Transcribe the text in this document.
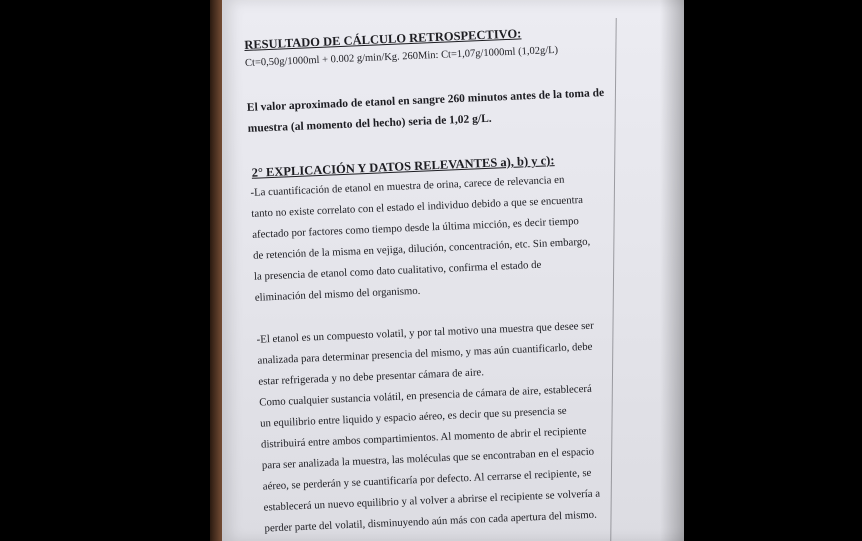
RESULTADO DE CÁLCULO RETROSPECTIVO:
Ct=0,50g/1000ml + 0.002 g/min/Kg. 260Min: Ct=1,07g/1000ml (1,02g/L)
El valor aproximado de etanol en sangre 260 minutos antes de la toma de
muestra (al momento del hecho) seria de 1,02 g/L.
2° EXPLICACIÓN Y DATOS RELEVANTES a), b) y c):
-La cuantificación de etanol en muestra de orina, carece de relevancia en
tanto no existe correlato con el estado el individuo debido a que se encuentra
afectado por factores como tiempo desde la última micción, es decir tiempo
de retención de la misma en vejiga, dilución, concentración, etc. Sin embargo,
la presencia de etanol como dato cualitativo, confirma el estado de
eliminación del mismo del organismo.
-El etanol es un compuesto volatil, y por tal motivo una muestra que desee ser
analizada para determinar presencia del mismo, y mas aún cuantificarlo, debe
estar refrigerada y no debe presentar cámara de aire.
Como cualquier sustancia volátil, en presencia de cámara de aire, establecerá
un equilibrio entre liquido y espacio aéreo, es decir que su presencia se
distribuirá entre ambos compartimientos. Al momento de abrir el recipiente
para ser analizada la muestra, las moléculas que se encontraban en el espacio
aéreo, se perderán y se cuantificaría por defecto. Al cerrarse el recipiente, se
establecerá un nuevo equilibrio y al volver a abrirse el recipiente se volvería a
perder parte del volatil, disminuyendo aún más con cada apertura del mismo.
